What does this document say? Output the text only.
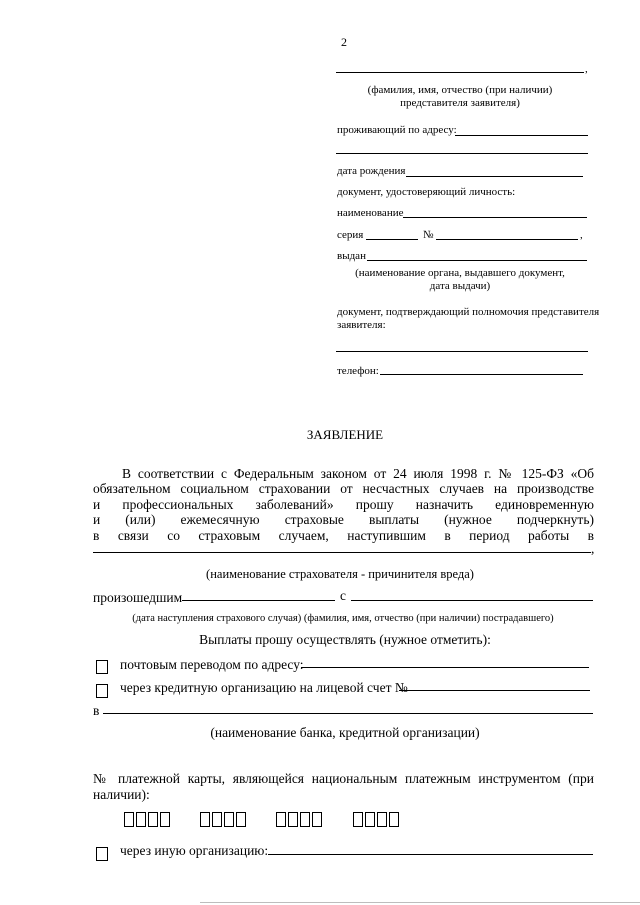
2
,
(фамилия, имя, отчество (при наличии)
представителя заявителя)
проживающий по адресу:
дата рождения
документ, удостоверяющий личность:
наименование
серия	№	,
выдан
(наименование органа, выдавшего документ,
дата выдачи)
документ, подтверждающий полномочия представителя
заявителя:
телефон:
ЗАЯВЛЕНИЕ
В соответствии с Федеральным законом от 24 июля 1998 г. № 125-ФЗ «Об
обязательном социальном страховании от несчастных случаев на производстве
и профессиональных заболеваний» прошу назначить единовременную
и (или) ежемесячную страховые выплаты (нужное подчеркнуть)
в связи со страховым случаем, наступившим в период работы в
,
(наименование страхователя - причинителя вреда)
произошедшим	с
(дата наступления страхового случая) (фамилия, имя, отчество (при наличии) пострадавшего)
Выплаты прошу осуществлять (нужное отметить):
почтовым переводом по адресу:
через кредитную организацию на лицевой счет №
в
(наименование банка, кредитной организации)
№ платежной карты, являющейся национальным платежным инструментом (при
наличии):
через иную организацию:
